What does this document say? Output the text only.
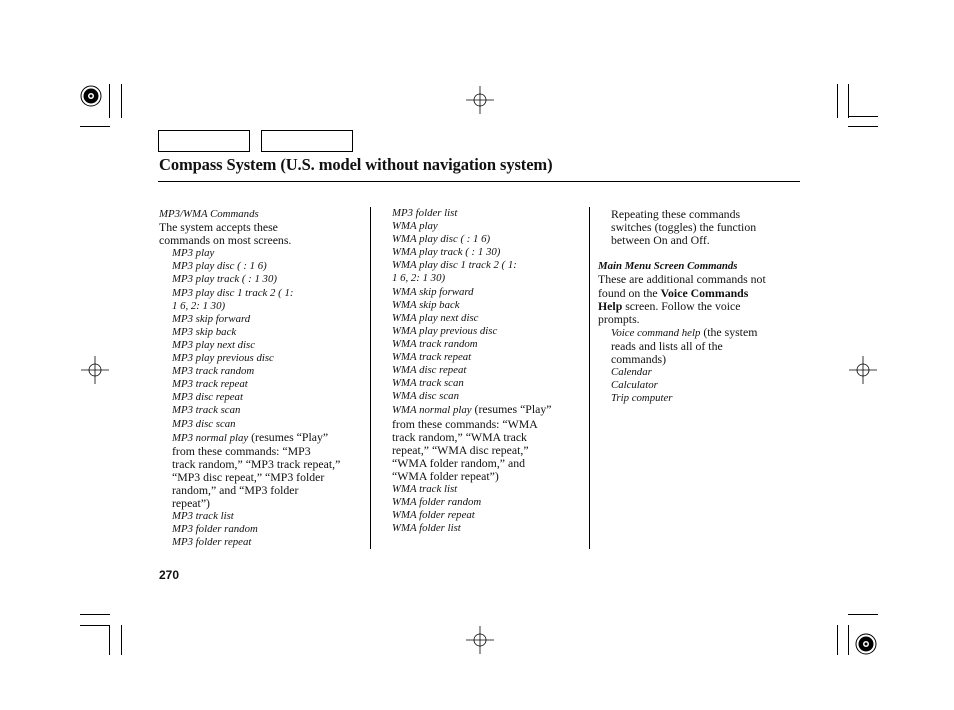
Compass System (U.S. model without navigation system)
MP3/WMA Commands
The system accepts these
commands on most screens.
MP3 play
MP3 play disc ( : 1 6)
MP3 play track ( : 1 30)
MP3 play disc 1 track 2 ( 1:
1 6, 2: 1 30)
MP3 skip forward
MP3 skip back
MP3 play next disc
MP3 play previous disc
MP3 track random
MP3 track repeat
MP3 disc repeat
MP3 track scan
MP3 disc scan
MP3 normal play (resumes “Play”
from these commands: “MP3
track random,” “MP3 track repeat,”
“MP3 disc repeat,” “MP3 folder
random,” and “MP3 folder
repeat”)
MP3 track list
MP3 folder random
MP3 folder repeat
MP3 folder list
WMA play
WMA play disc ( : 1 6)
WMA play track ( : 1 30)
WMA play disc 1 track 2 ( 1:
1 6, 2: 1 30)
WMA skip forward
WMA skip back
WMA play next disc
WMA play previous disc
WMA track random
WMA track repeat
WMA disc repeat
WMA track scan
WMA disc scan
WMA normal play (resumes “Play”
from these commands: “WMA
track random,” “WMA track
repeat,” “WMA disc repeat,”
“WMA folder random,” and
“WMA folder repeat”)
WMA track list
WMA folder random
WMA folder repeat
WMA folder list
Repeating these commands
switches (toggles) the function
between On and Off.
Main Menu Screen Commands
These are additional commands not
found on the Voice Commands
Help screen. Follow the voice
prompts.
Voice command help (the system
reads and lists all of the
commands)
Calendar
Calculator
Trip computer
270
